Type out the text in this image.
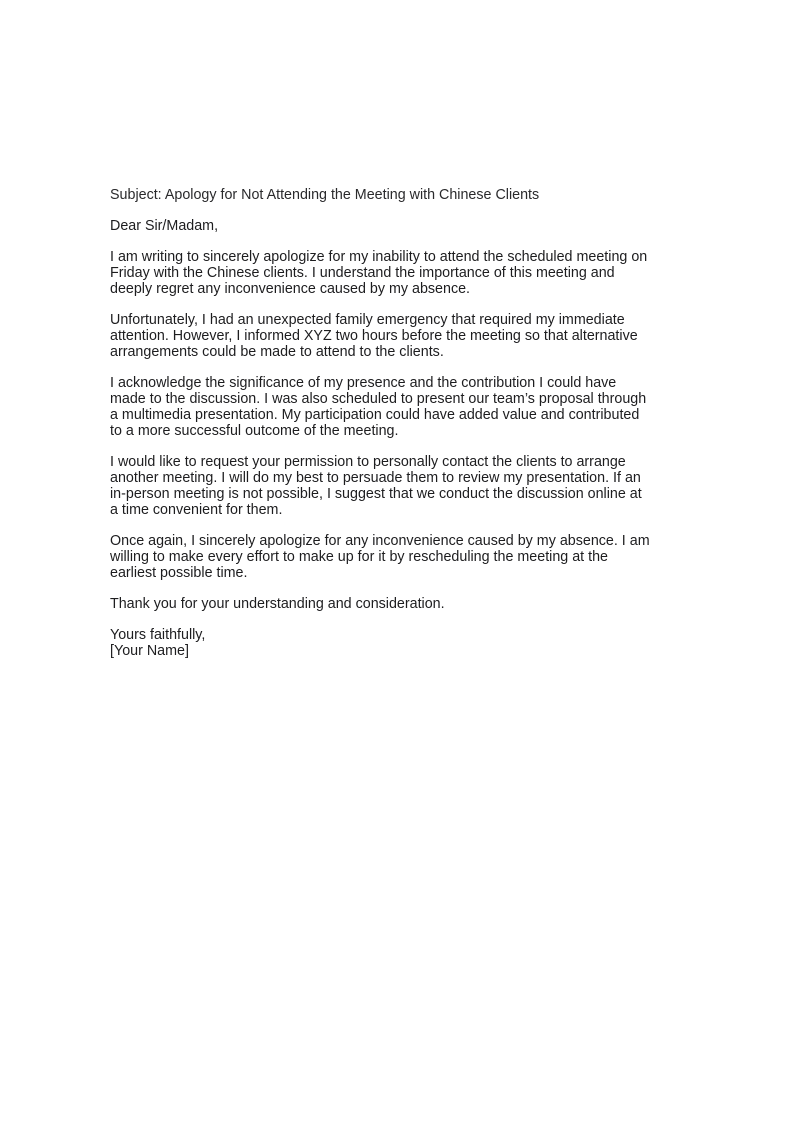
Subject: Apology for Not Attending the Meeting with Chinese Clients
Dear Sir/Madam,
I am writing to sincerely apologize for my inability to attend the scheduled meeting on
Friday with the Chinese clients. I understand the importance of this meeting and
deeply regret any inconvenience caused by my absence.
Unfortunately, I had an unexpected family emergency that required my immediate
attention. However, I informed XYZ two hours before the meeting so that alternative
arrangements could be made to attend to the clients.
I acknowledge the significance of my presence and the contribution I could have
made to the discussion. I was also scheduled to present our team’s proposal through
a multimedia presentation. My participation could have added value and contributed
to a more successful outcome of the meeting.
I would like to request your permission to personally contact the clients to arrange
another meeting. I will do my best to persuade them to review my presentation. If an
in-person meeting is not possible, I suggest that we conduct the discussion online at
a time convenient for them.
Once again, I sincerely apologize for any inconvenience caused by my absence. I am
willing to make every effort to make up for it by rescheduling the meeting at the
earliest possible time.
Thank you for your understanding and consideration.
Yours faithfully,
[Your Name]
